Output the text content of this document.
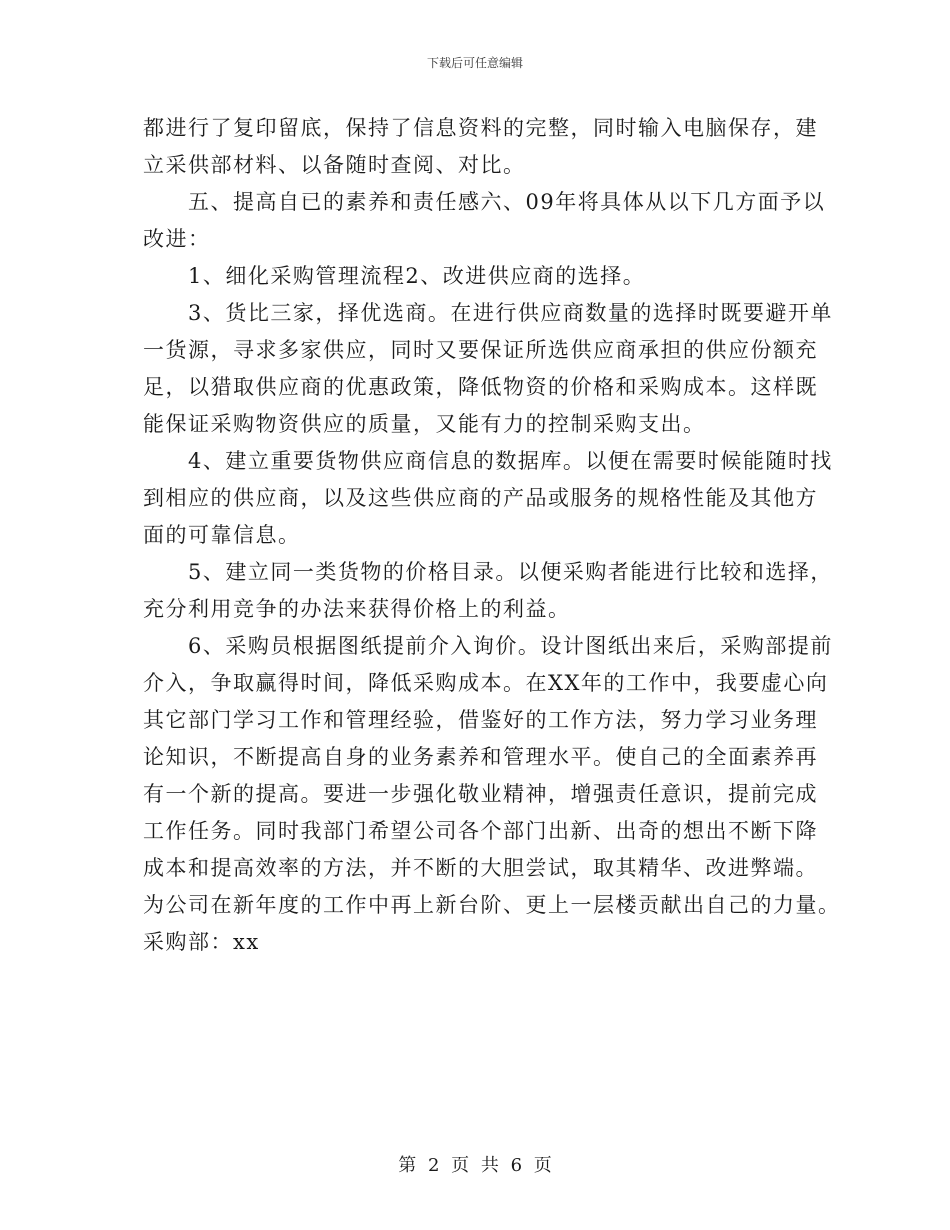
下载后可任意编辑
都进行了复印留底，保持了信息资料的完整，同时输入电脑保存，建
立采供部材料、以备随时查阅、对比。
五、提高自已的素养和责任感六、09年将具体从以下几方面予以
改进：
1、细化采购管理流程2、改进供应商的选择。
3、货比三家，择优选商。在进行供应商数量的选择时既要避开单
一货源，寻求多家供应，同时又要保证所选供应商承担的供应份额充
足，以猎取供应商的优惠政策，降低物资的价格和采购成本。这样既
能保证采购物资供应的质量，又能有力的控制采购支出。
4、建立重要货物供应商信息的数据库。以便在需要时候能随时找
到相应的供应商，以及这些供应商的产品或服务的规格性能及其他方
面的可靠信息。
5、建立同一类货物的价格目录。以便采购者能进行比较和选择，
充分利用竞争的办法来获得价格上的利益。
6、采购员根据图纸提前介入询价。设计图纸出来后，采购部提前
介入，争取赢得时间，降低采购成本。在XX年的工作中，我要虚心向
其它部门学习工作和管理经验，借鉴好的工作方法，努力学习业务理
论知识，不断提高自身的业务素养和管理水平。使自己的全面素养再
有一个新的提高。要进一步强化敬业精神，增强责任意识，提前完成
工作任务。同时我部门希望公司各个部门出新、出奇的想出不断下降
成本和提高效率的方法，并不断的大胆尝试，取其精华、改进弊端。
为公司在新年度的工作中再上新台阶、更上一层楼贡献出自己的力量。
采购部：xx
第 2 页 共 6 页
